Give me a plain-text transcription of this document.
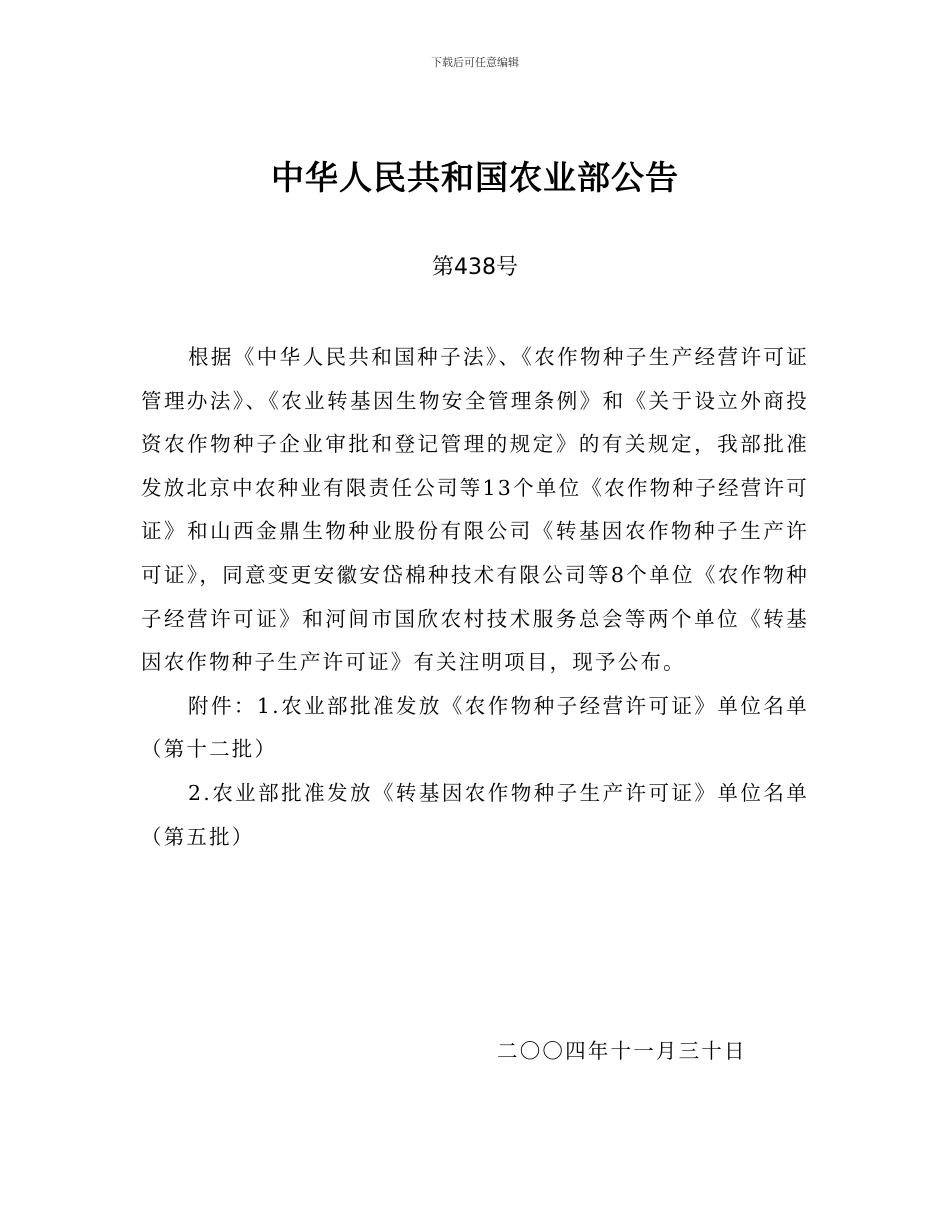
下载后可任意编辑
中华人民共和国农业部公告
第438号

根据《中华人民共和国种子法》、《农作物种子生产经营许可证管理办法》、《农业转基因生物安全管理条例》和《关于设立外商投资农作物种子企业审批和登记管理的规定》的有关规定，我部批准发放北京中农种业有限责任公司等13个单位《农作物种子经营许可证》和山西金鼎生物种业股份有限公司《转基因农作物种子生产许可证》，同意变更安徽安岱棉种技术有限公司等8个单位《农作物种子经营许可证》和河间市国欣农村技术服务总会等两个单位《转基因农作物种子生产许可证》有关注明项目，现予公布。

附件：1.农业部批准发放《农作物种子经营许可证》单位名单（第十二批）

2.农业部批准发放《转基因农作物种子生产许可证》单位名单（第五批）

二〇〇四年十一月三十日
